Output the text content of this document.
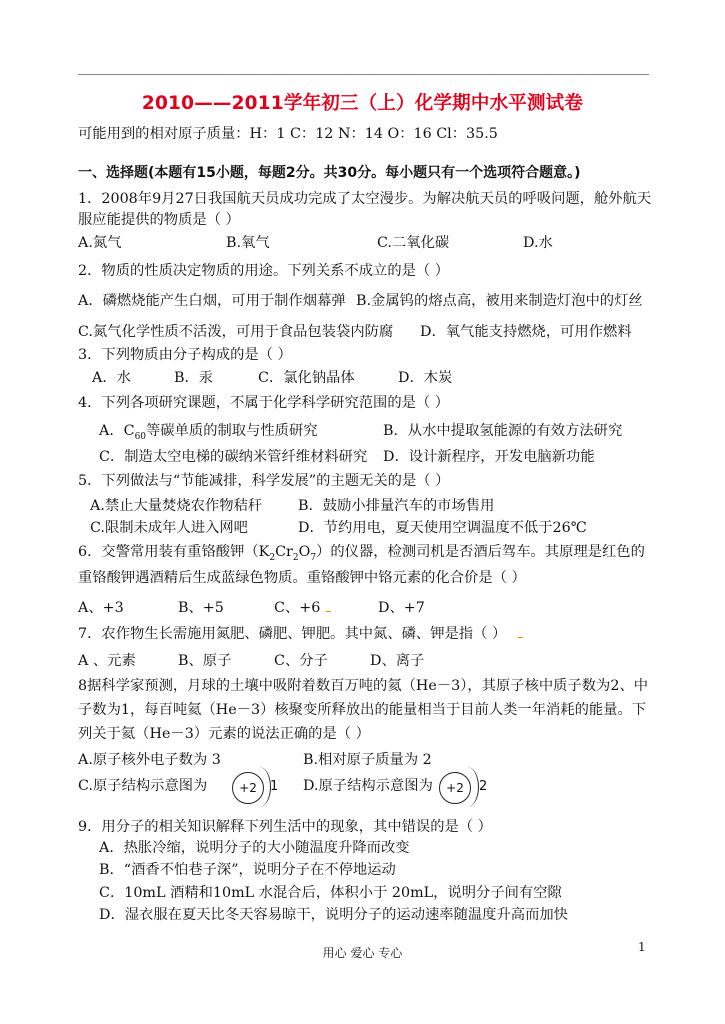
2010——2011学年初三（上）化学期中水平测试卷
可能用到的相对原子质量：H：1 C：12 N：14 O：16 Cl：35.5
一、选择题(本题有15小题，每题2分。共30分。每小题只有一个选项符合题意。)
1．2008年9月27日我国航天员成功完成了太空漫步。为解决航天员的呼吸问题，舱外航天
服应能提供的物质是（ ）
A.氮气	B.氧气	C.二氧化碳	D.水
2．物质的性质决定物质的用途。下列关系不成立的是（ ）
A．磷燃烧能产生白烟，可用于制作烟幕弹 B.金属钨的熔点高，被用来制造灯泡中的灯丝
C.氮气化学性质不活泼，可用于食品包装袋内防腐 D．氧气能支持燃烧，可用作燃料
3．下列物质由分子构成的是（ ）
A．水	B．汞	C．氯化钠晶体	D．木炭
4．下列各项研究课题，不属于化学科学研究范围的是（ ）
A．$C_{60}$等碳单质的制取与性质研究	B．从水中提取氢能源的有效方法研究
C．制造太空电梯的碳纳米管纤维材料研究 D．设计新程序，开发电脑新功能
5．下列做法与“节能减排，科学发展”的主题无关的是（ ）
A.禁止大量焚烧农作物秸秆	B．鼓励小排量汽车的市场售用
C.限制未成年人进入网吧	D．节约用电，夏天使用空调温度不低于26℃
6．交警常用装有重铬酸钾$(K_2Cr_2O_7)$的仪器，检测司机是否酒后驾车。其原理是红色的
重铬酸钾遇酒精后生成蓝绿色物质。重铬酸钾中铬元素的化合价是（ ）
A、+3	B、+5	C、+6	D、+7
7．农作物生长需施用氮肥、磷肥、钾肥。其中氮、磷、钾是指（ ）
A 、元素	B、原子	C、分子	D、离子
8据科学家预测，月球的土壤中吸附着数百万吨的氦（He－3），其原子核中质子数为2、中
子数为1，每百吨氦（He－3）核聚变所释放出的能量相当于目前人类一年消耗的能量。下
列关于氦（He－3）元素的说法正确的是（ ）
A.原子核外电子数为 3	B.相对原子质量为 2
C.原子结构示意图为	+2	1 D.原子结构示意图为	+2	2
9．用分子的相关知识解释下列生活中的现象，其中错误的是（ ）
A．热胀冷缩，说明分子的大小随温度升降而改变
B．“酒香不怕巷子深”，说明分子在不停地运动
C．10mL 酒精和10mL 水混合后，体积小于 20mL，说明分子间有空隙
D．湿衣服在夏天比冬天容易晾干，说明分子的运动速率随温度升高而加快
用心 爱心 专心	1
